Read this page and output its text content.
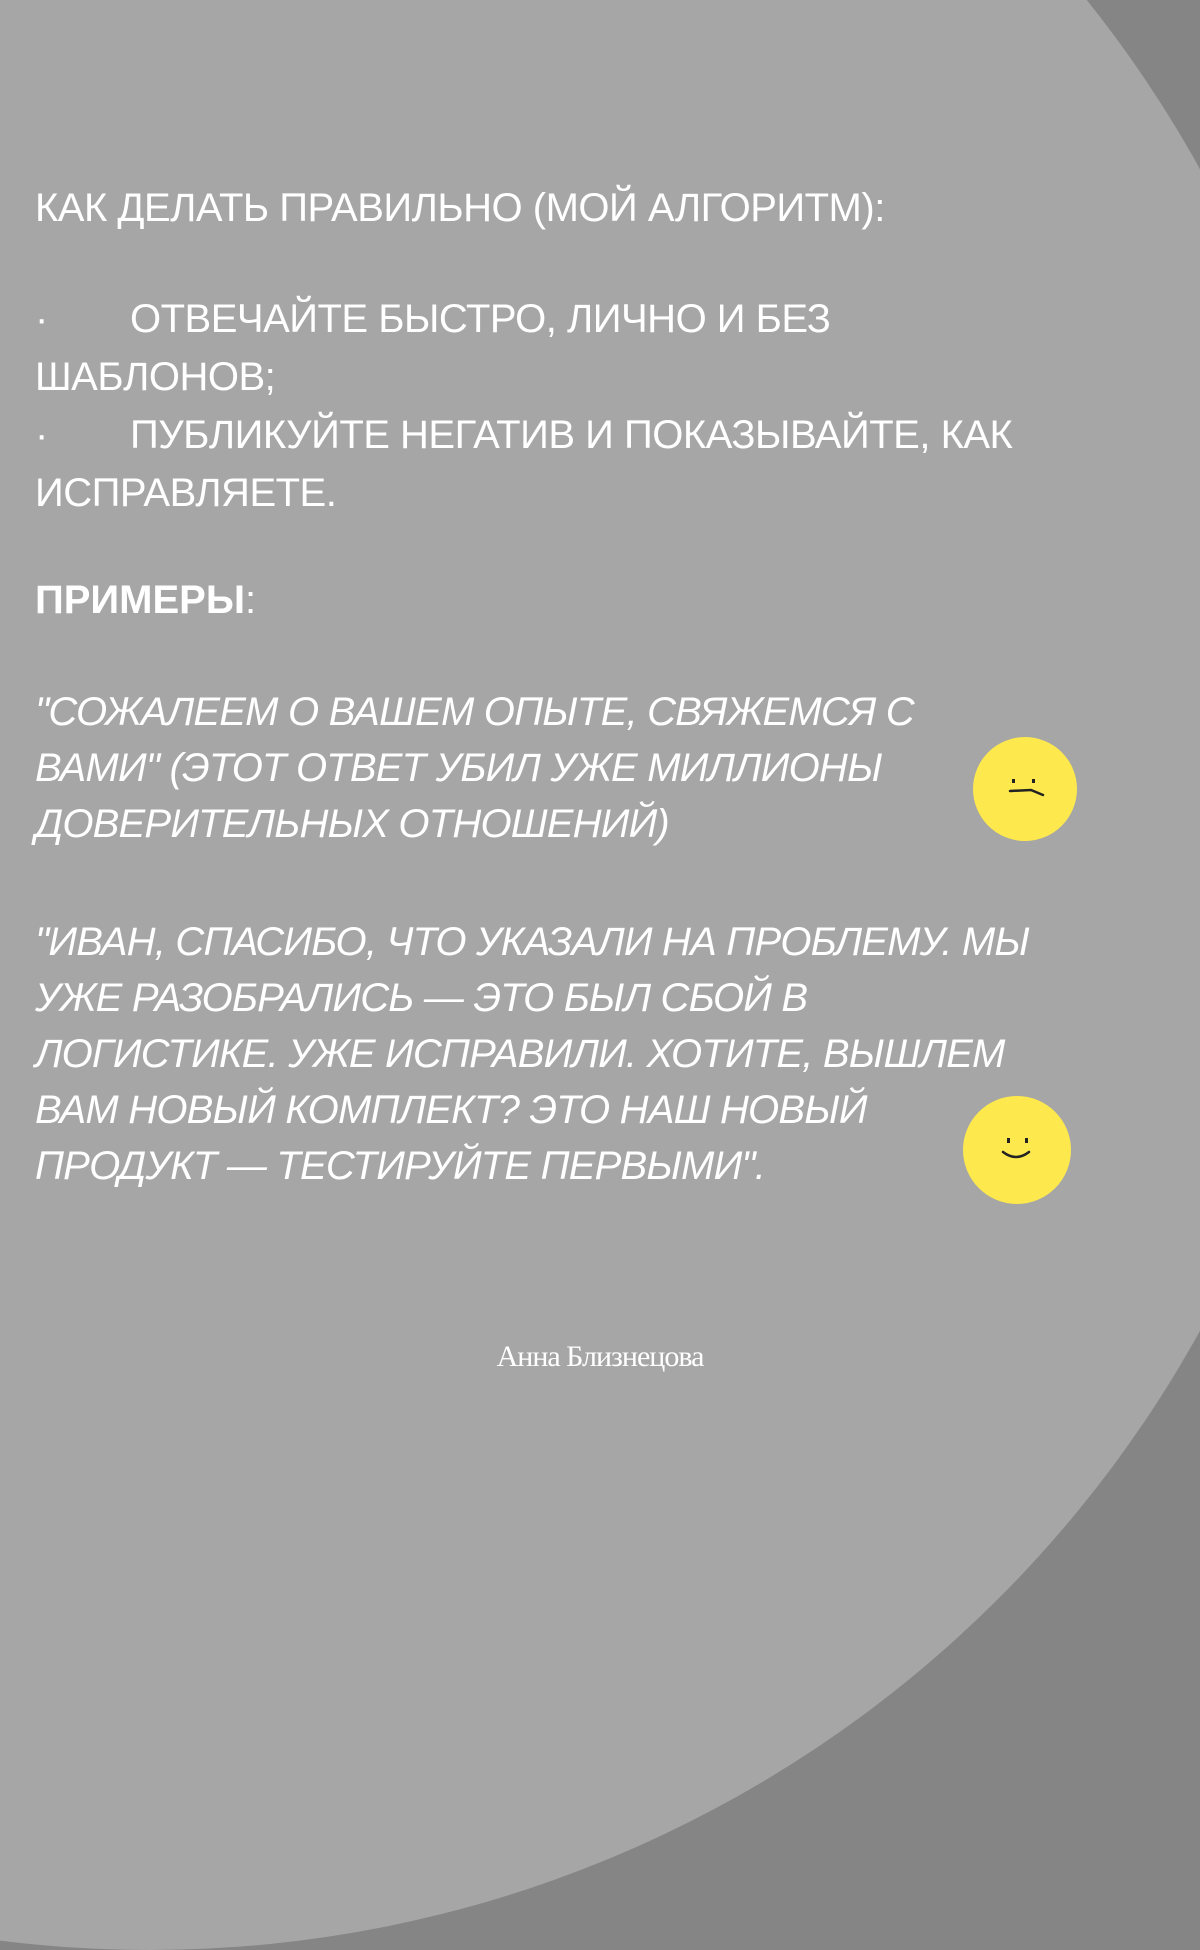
КАК ДЕЛАТЬ ПРАВИЛЬНО (МОЙ АЛГОРИТМ):
· ОТВЕЧАЙТЕ БЫСТРО, ЛИЧНО И БЕЗ ШАБЛОНОВ;
· ПУБЛИКУЙТЕ НЕГАТИВ И ПОКАЗЫВАЙТЕ, КАК ИСПРАВЛЯЕТЕ.
ПРИМЕРЫ:
"СОЖАЛЕЕМ О ВАШЕМ ОПЫТЕ, СВЯЖЕМСЯ С ВАМИ" (ЭТОТ ОТВЕТ УБИЛ УЖЕ МИЛЛИОНЫ ДОВЕРИТЕЛЬНЫХ ОТНОШЕНИЙ)
"ИВАН, СПАСИБО, ЧТО УКАЗАЛИ НА ПРОБЛЕМУ. МЫ УЖЕ РАЗОБРАЛИСЬ — ЭТО БЫЛ СБОЙ В ЛОГИСТИКЕ. УЖЕ ИСПРАВИЛИ. ХОТИТЕ, ВЫШЛЕМ ВАМ НОВЫЙ КОМПЛЕКТ? ЭТО НАШ НОВЫЙ ПРОДУКТ — ТЕСТИРУЙТЕ ПЕРВЫМИ".
Анна Близнецова
